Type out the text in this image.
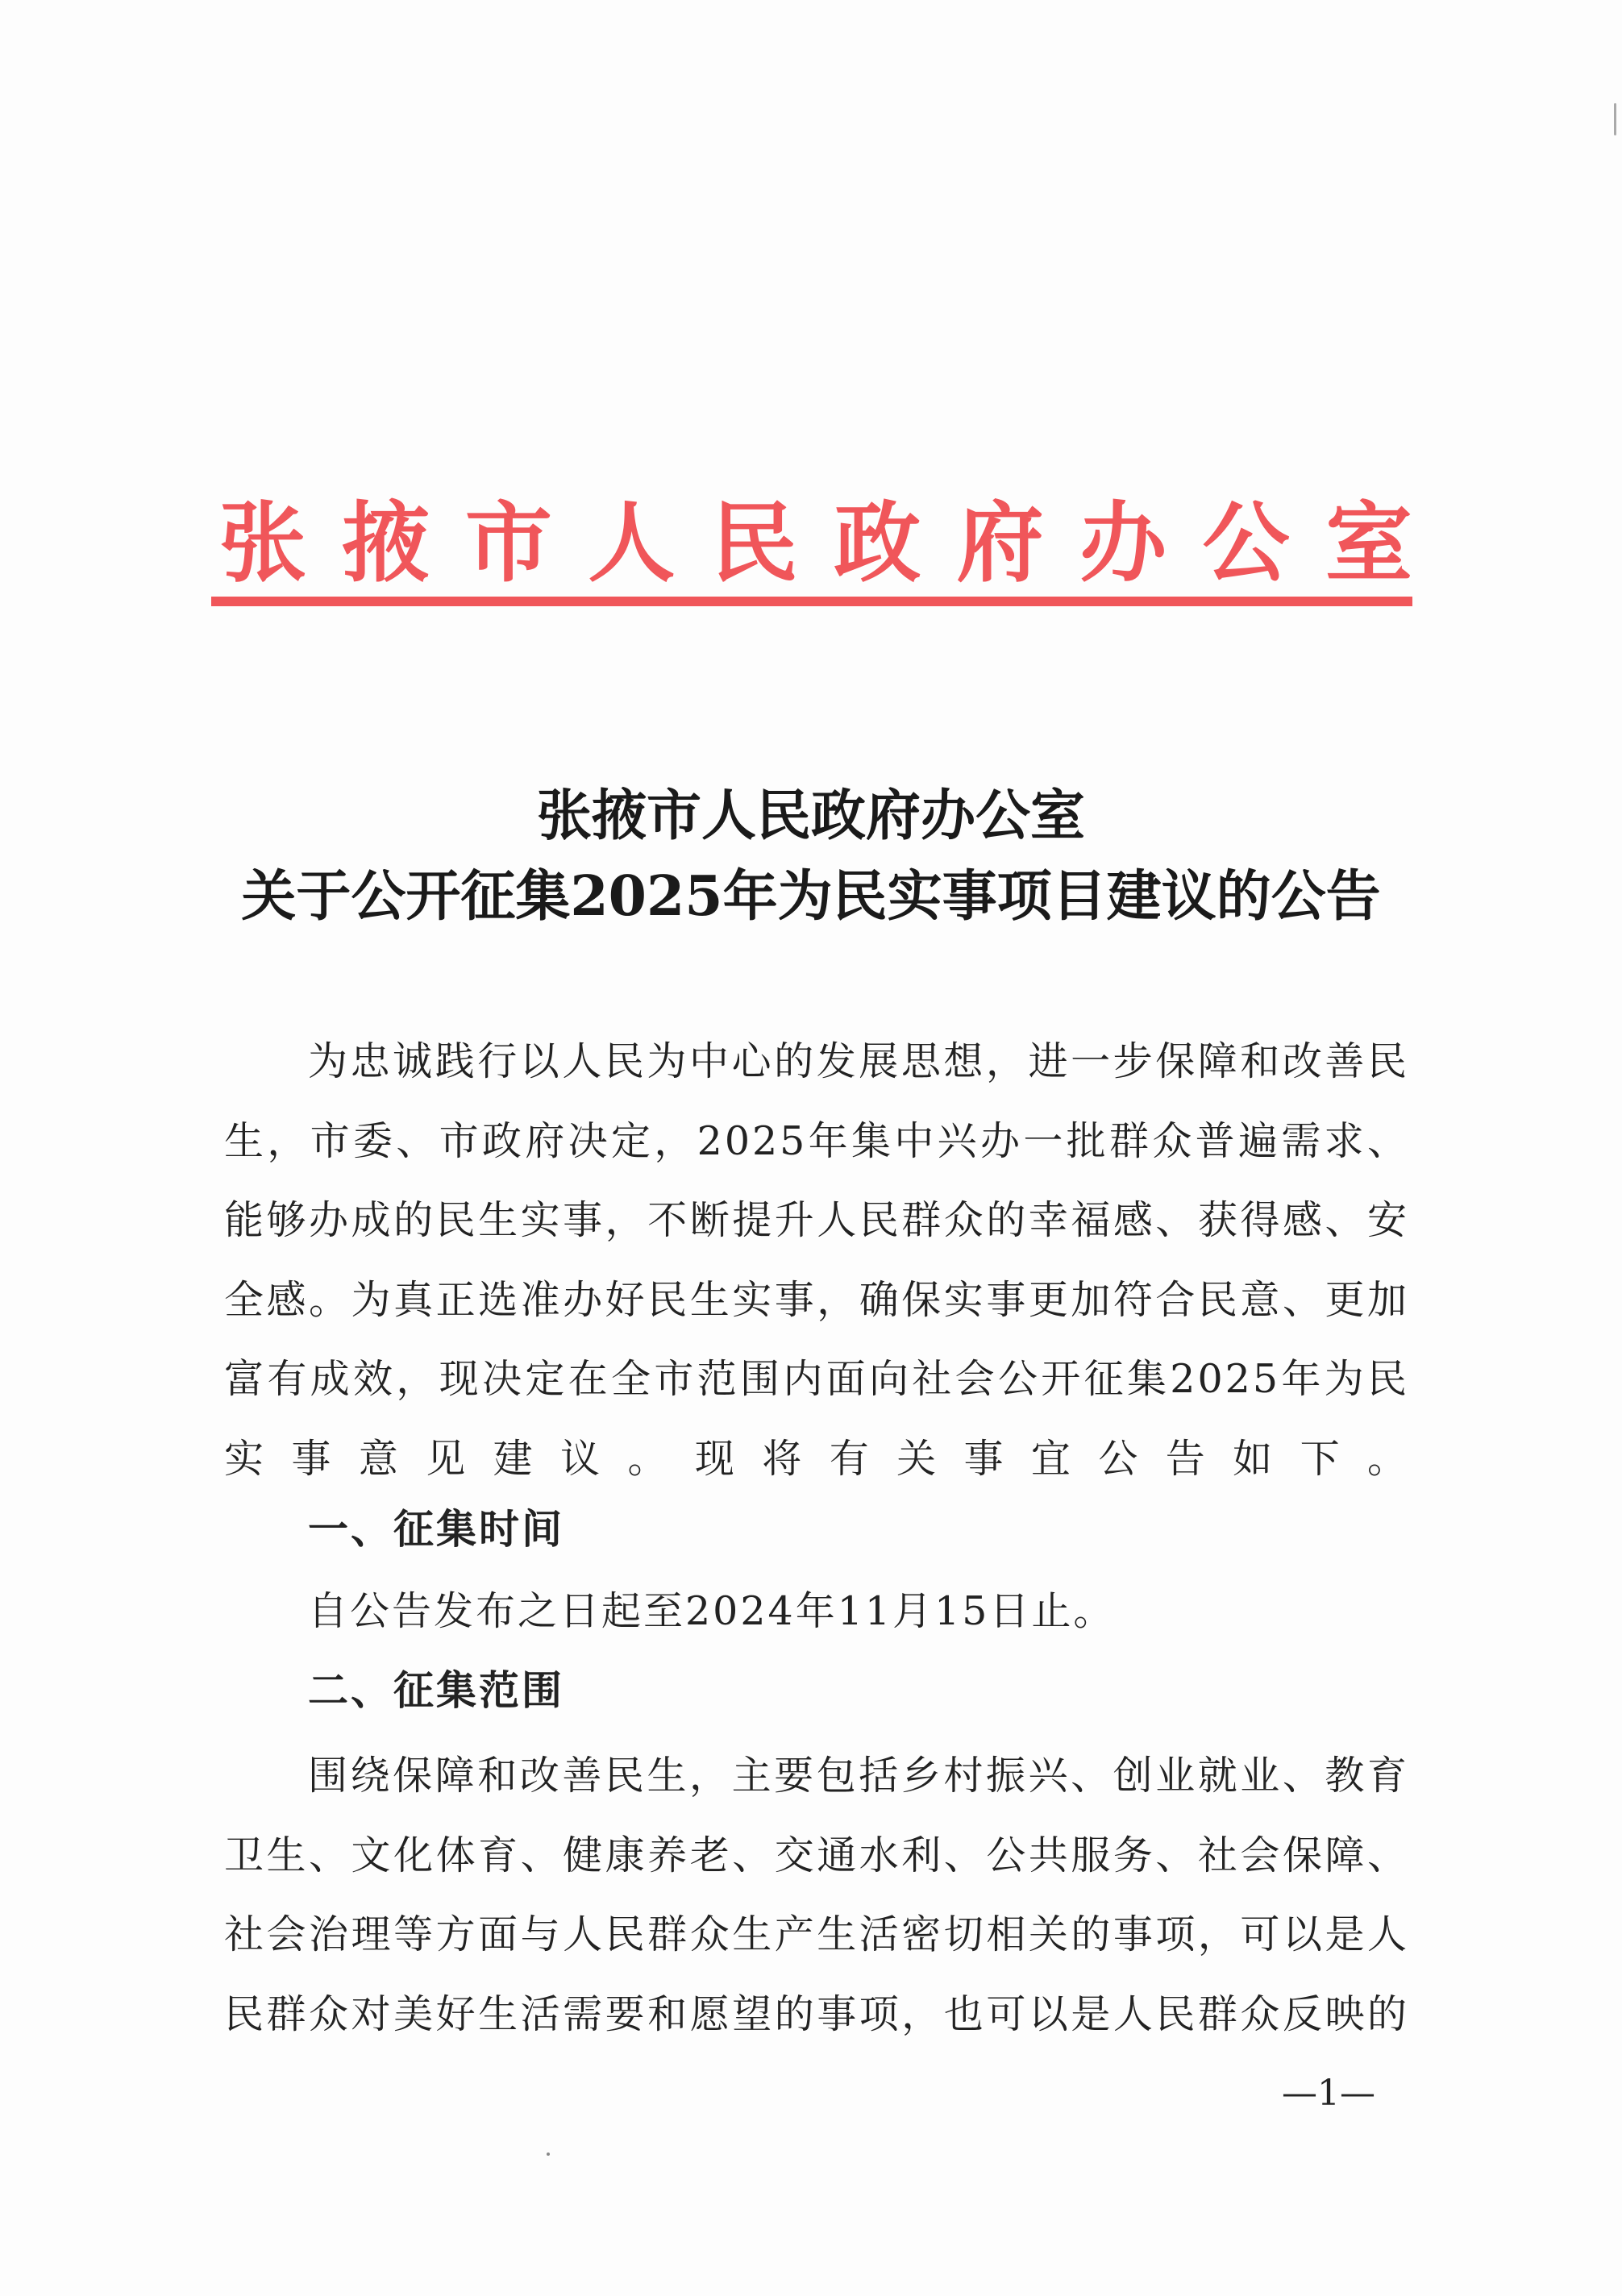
张 掖 市 人 民 政 府 办 公 室
张掖市人民政府办公室
关于公开征集2025年为民实事项目建议的公告

为忠诚践行以人民为中心的发展思想，进一步保障和改善民生，市委、市政府决定，2025年集中兴办一批群众普遍需求、能够办成的民生实事，不断提升人民群众的幸福感、获得感、安全感。为真正选准办好民生实事，确保实事更加符合民意、更加富有成效，现决定在全市范围内面向社会公开征集2025年为民实事意见建议。现将有关事宜公告如下。

一、征集时间
自公告发布之日起至2024年11月15日止。
二、征集范围

围绕保障和改善民生，主要包括乡村振兴、创业就业、教育卫生、文化体育、健康养老、交通水利、公共服务、社会保障、社会治理等方面与人民群众生产生活密切相关的事项，可以是人民群众对美好生活需要和愿望的事项，也可以是人民群众反映的

—1—
